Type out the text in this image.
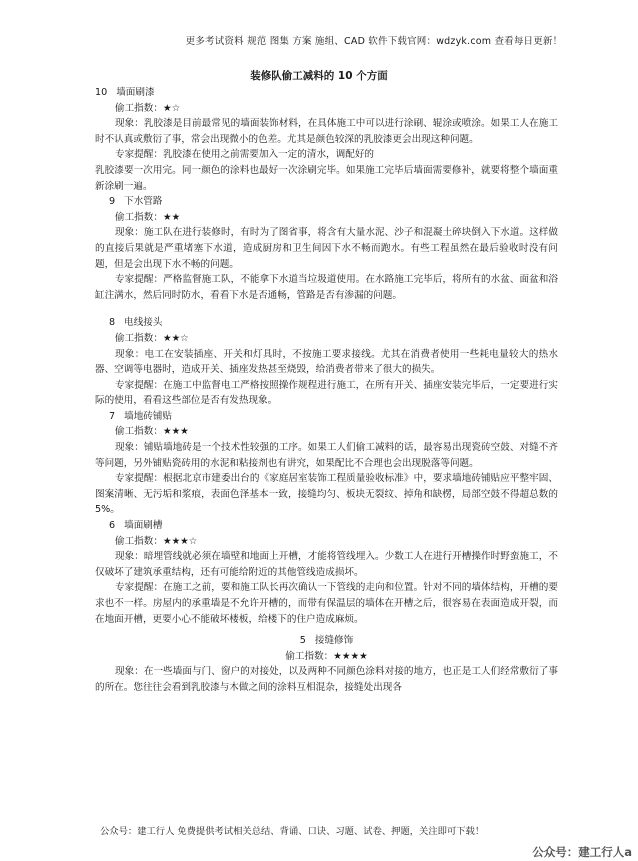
更多考试资料 规范 图集 方案 施组、CAD 软件下载官网：wdzyk.com 查看每日更新！
装修队偷工减料的 10 个方面

10 墙面刷漆

偷工指数：★☆

现象：乳胶漆是目前最常见的墙面装饰材料，在具体施工中可以进行涂刷、辊涂或喷涂。如果工人在施工时不认真或敷衍了事，常会出现微小的色差。尤其是颜色较深的乳胶漆更会出现这种问题。

专家提醒：乳胶漆在使用之前需要加入一定的清水，调配好的

乳胶漆要一次用完。同一颜色的涂料也最好一次涂刷完毕。如果施工完毕后墙面需要修补，就要将整个墙面重新涂刷一遍。

9 下水管路

偷工指数：★★

现象：施工队在进行装修时，有时为了图省事，将含有大量水泥、沙子和混凝土碎块倒入下水道。这样做的直接后果就是严重堵塞下水道，造成厨房和卫生间因下水不畅而跑水。有些工程虽然在最后验收时没有问题，但是会出现下水不畅的问题。

专家提醒：严格监督施工队，不能拿下水道当垃圾道使用。在水路施工完毕后，将所有的水盆、面盆和浴缸注满水，然后同时防水，看看下水是否通畅，管路是否有渗漏的问题。

8 电线接头

偷工指数：★★☆

现象：电工在安装插座、开关和灯具时，不按施工要求接线。尤其在消费者使用一些耗电量较大的热水器、空调等电器时，造成开关、插座发热甚至烧毁，给消费者带来了很大的损失。

专家提醒：在施工中监督电工严格按照操作规程进行施工，在所有开关、插座安装完毕后，一定要进行实际的使用，看看这些部位是否有发热现象。

7 墙地砖铺贴

偷工指数：★★★

现象：铺贴墙地砖是一个技术性较强的工序。如果工人们偷工减料的话，最容易出现瓷砖空鼓、对缝不齐等问题，另外铺贴瓷砖用的水泥和粘接剂也有讲究，如果配比不合理也会出现脱落等问题。

专家提醒：根据北京市建委出台的《家庭居室装饰工程质量验收标准》中，要求墙地砖铺贴应平整牢固、图案清晰、无污垢和浆痕，表面色泽基本一致，接缝均匀、板块无裂纹、掉角和缺楞，局部空鼓不得超总数的 5%。

6 墙面刷槽

偷工指数：★★★☆

现象：暗埋管线就必须在墙壁和地面上开槽，才能将管线埋入。少数工人在进行开槽操作时野蛮施工，不仅破坏了建筑承重结构，还有可能给附近的其他管线造成损坏。

专家提醒：在施工之前，要和施工队长再次确认一下管线的走向和位置。针对不同的墙体结构，开槽的要求也不一样。房屋内的承重墙是不允许开槽的，而带有保温层的墙体在开槽之后，很容易在表面造成开裂，而在地面开槽，更要小心不能破坏楼板，给楼下的住户造成麻烦。

5 接缝修饰

偷工指数：★★★★

现象：在一些墙面与门、窗户的对接处，以及两种不同颜色涂料对接的地方，也正是工人们经常敷衍了事的所在。您往往会看到乳胶漆与木做之间的涂料互相混杂，接缝处出现各

公众号：建工行人 免费提供考试相关总结、背诵、口诀、习题、试卷、押题，关注即可下载！
公众号：建工行人a
